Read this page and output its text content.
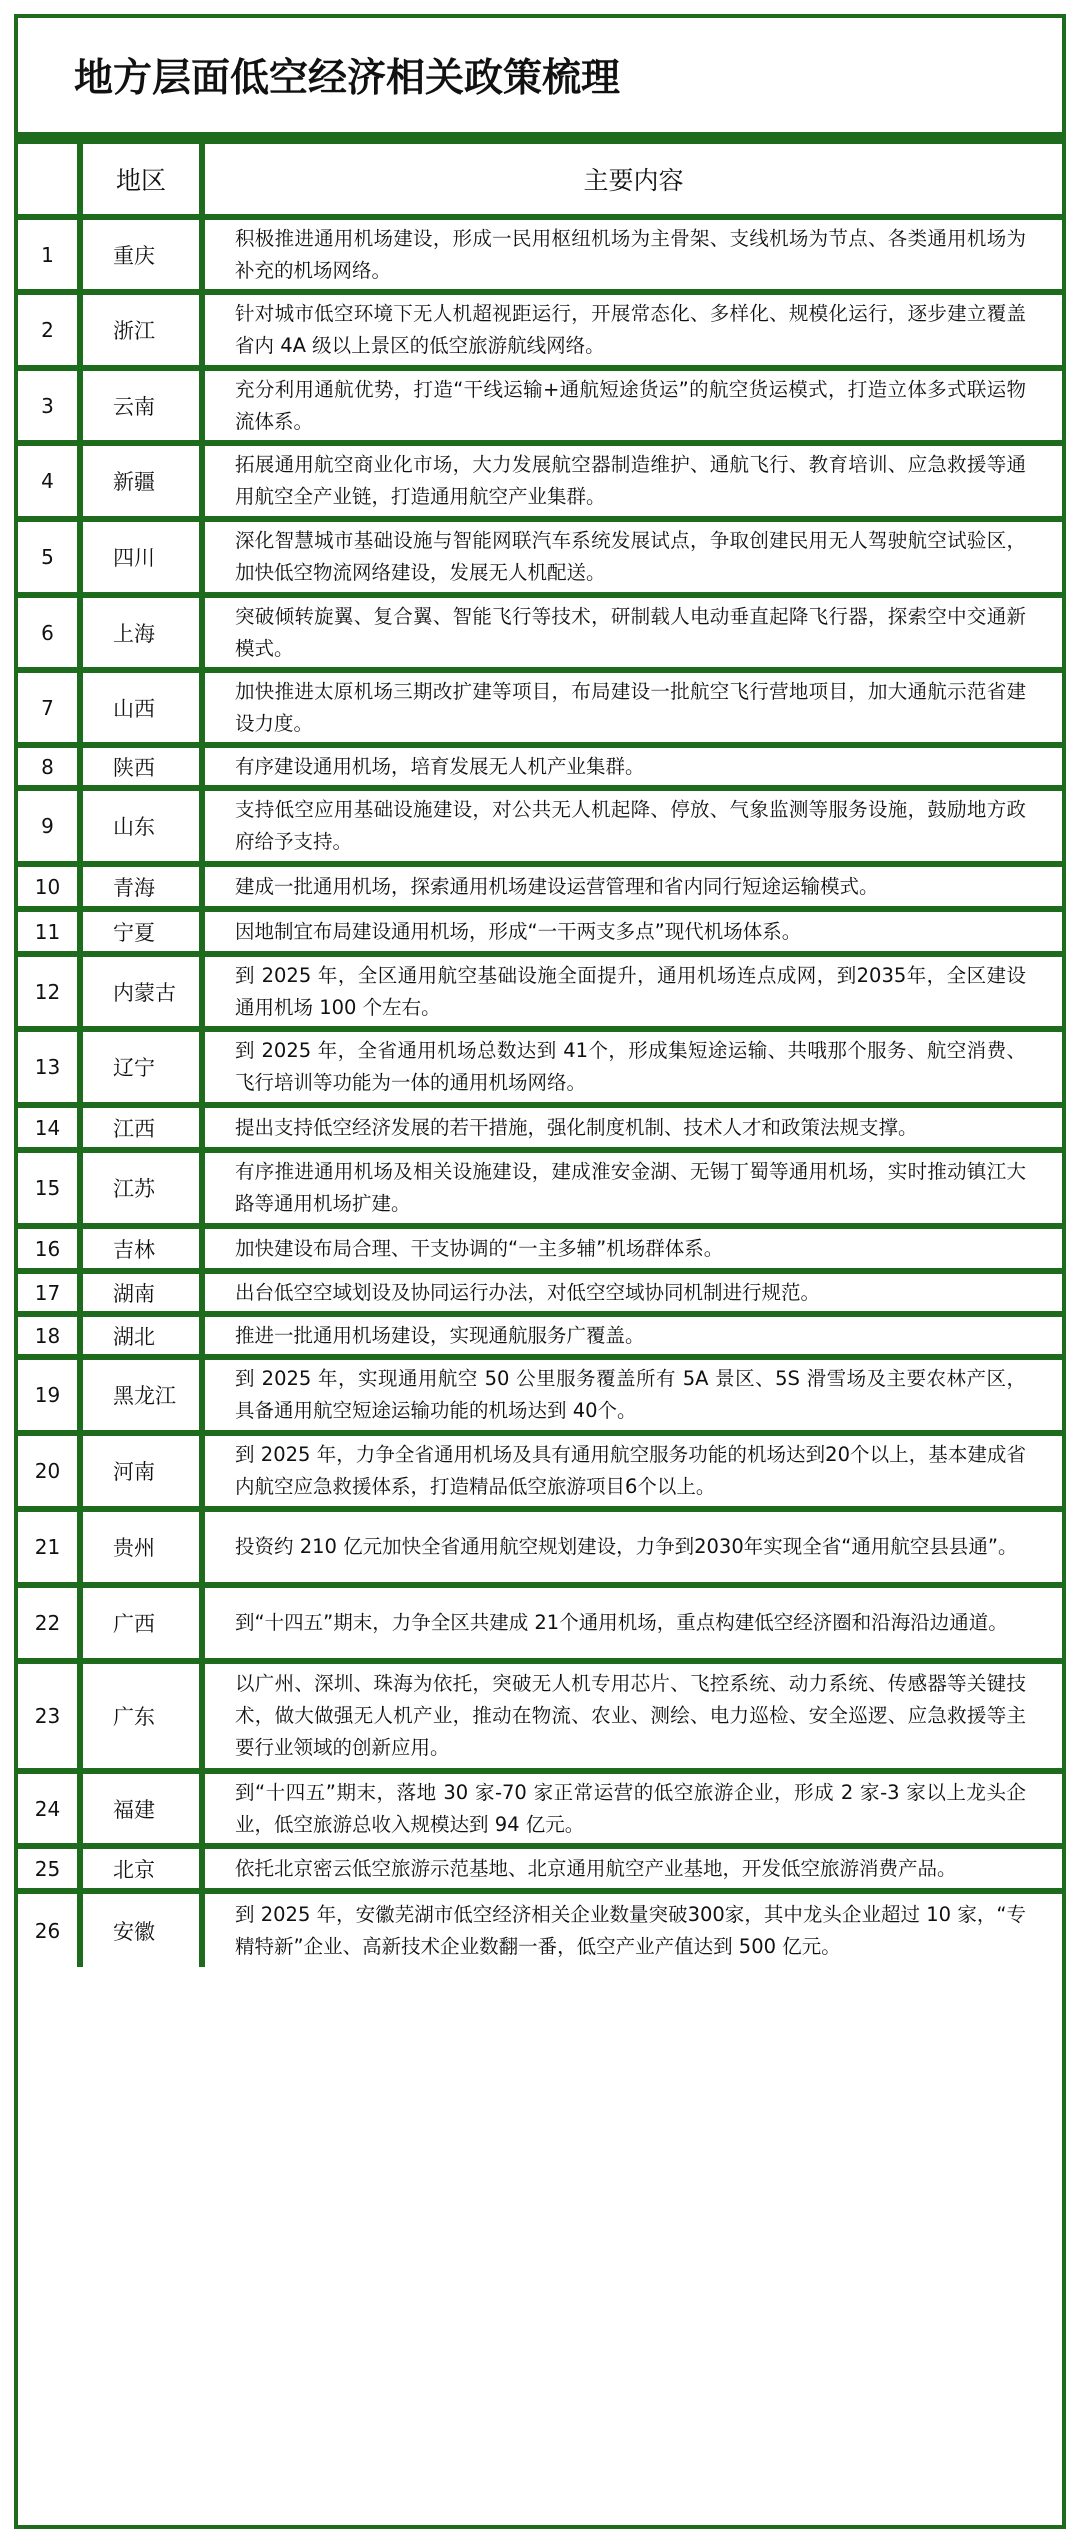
地方层面低空经济相关政策梳理
	地区	主要内容
1	重庆	积极推进通用机场建设，形成一民用枢纽机场为主骨架、支线机场为节点、各类通用机场为补充的机场网络。
2	浙江	针对城市低空环境下无人机超视距运行，开展常态化、多样化、规模化运行，逐步建立覆盖省内 4A 级以上景区的低空旅游航线网络。
3	云南	充分利用通航优势，打造“干线运输+通航短途货运”的航空货运模式，打造立体多式联运物流体系。
4	新疆	拓展通用航空商业化市场，大力发展航空器制造维护、通航飞行、教育培训、应急救援等通用航空全产业链，打造通用航空产业集群。
5	四川	深化智慧城市基础设施与智能网联汽车系统发展试点，争取创建民用无人驾驶航空试验区，加快低空物流网络建设，发展无人机配送。
6	上海	突破倾转旋翼、复合翼、智能飞行等技术，研制载人电动垂直起降飞行器，探索空中交通新模式。
7	山西	加快推进太原机场三期改扩建等项目，布局建设一批航空飞行营地项目，加大通航示范省建设力度。
8	陕西	有序建设通用机场，培育发展无人机产业集群。
9	山东	支持低空应用基础设施建设，对公共无人机起降、停放、气象监测等服务设施，鼓励地方政府给予支持。
10	青海	建成一批通用机场，探索通用机场建设运营管理和省内同行短途运输模式。
11	宁夏	因地制宜布局建设通用机场，形成“一干两支多点”现代机场体系。
12	内蒙古	到 2025 年，全区通用航空基础设施全面提升，通用机场连点成网，到2035年，全区建设通用机场 100 个左右。
13	辽宁	到 2025 年，全省通用机场总数达到 41个，形成集短途运输、共哦那个服务、航空消费、飞行培训等功能为一体的通用机场网络。
14	江西	提出支持低空经济发展的若干措施，强化制度机制、技术人才和政策法规支撑。
15	江苏	有序推进通用机场及相关设施建设，建成淮安金湖、无锡丁蜀等通用机场，实时推动镇江大路等通用机场扩建。
16	吉林	加快建设布局合理、干支协调的“一主多辅”机场群体系。
17	湖南	出台低空空域划设及协同运行办法，对低空空域协同机制进行规范。
18	湖北	推进一批通用机场建设，实现通航服务广覆盖。
19	黑龙江	到 2025 年，实现通用航空 50 公里服务覆盖所有 5A 景区、5S 滑雪场及主要农林产区，具备通用航空短途运输功能的机场达到 40个。
20	河南	到 2025 年，力争全省通用机场及具有通用航空服务功能的机场达到20个以上，基本建成省内航空应急救援体系，打造精品低空旅游项目6个以上。
21	贵州	投资约 210 亿元加快全省通用航空规划建设，力争到2030年实现全省“通用航空县县通”。
22	广西	到“十四五”期末，力争全区共建成 21个通用机场，重点构建低空经济圈和沿海沿边通道。
23	广东	以广州、深圳、珠海为依托，突破无人机专用芯片、飞控系统、动力系统、传感器等关键技术，做大做强无人机产业，推动在物流、农业、测绘、电力巡检、安全巡逻、应急救援等主要行业领域的创新应用。
24	福建	到“十四五”期末，落地 30 家-70 家正常运营的低空旅游企业，形成 2 家-3 家以上龙头企业，低空旅游总收入规模达到 94 亿元。
25	北京	依托北京密云低空旅游示范基地、北京通用航空产业基地，开发低空旅游消费产品。
26	安徽	到 2025 年，安徽芜湖市低空经济相关企业数量突破300家，其中龙头企业超过 10 家，“专精特新”企业、高新技术企业数翻一番，低空产业产值达到 500 亿元。
